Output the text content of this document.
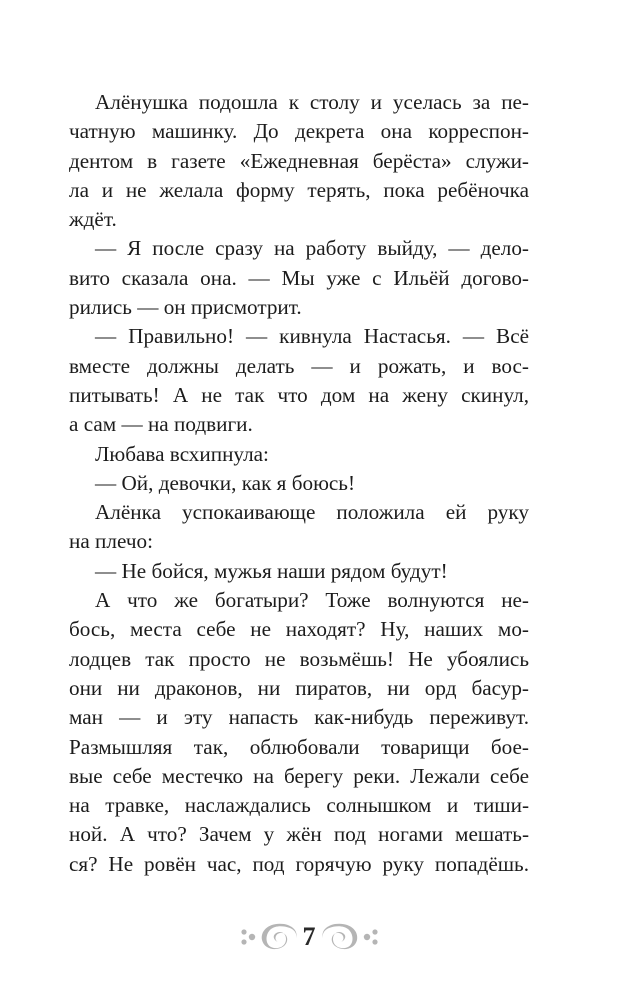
Алёнушка подошла к столу и уселась за пе-
чатную машинку. До декрета она корреспон-
дентом в газете «Ежедневная берёста» служи-
ла и не желала форму терять, пока ребёночка
ждёт.
— Я после сразу на работу выйду, — дело-
вито сказала она. — Мы уже с Ильёй догово-
рились — он присмотрит.
— Правильно! — кивнула Настасья. — Всё
вместе должны делать — и рожать, и вос-
питывать! А не так что дом на жену скинул,
а сам — на подвиги.
Любава всхипнула:
— Ой, девочки, как я боюсь!
Алёнка успокаивающе положила ей руку
на плечо:
— Не бойся, мужья наши рядом будут!
А что же богатыри? Тоже волнуются не-
бось, места себе не находят? Ну, наших мо-
лодцев так просто не возьмёшь! Не убоялись
они ни драконов, ни пиратов, ни орд басур-
ман — и эту напасть как-нибудь переживут.
Размышляя так, облюбовали товарищи бое-
вые себе местечко на берегу реки. Лежали себе
на травке, наслаждались солнышком и тиши-
ной. А что? Зачем у жён под ногами мешать-
ся? Не ровён час, под горячую руку попадёшь.
7
